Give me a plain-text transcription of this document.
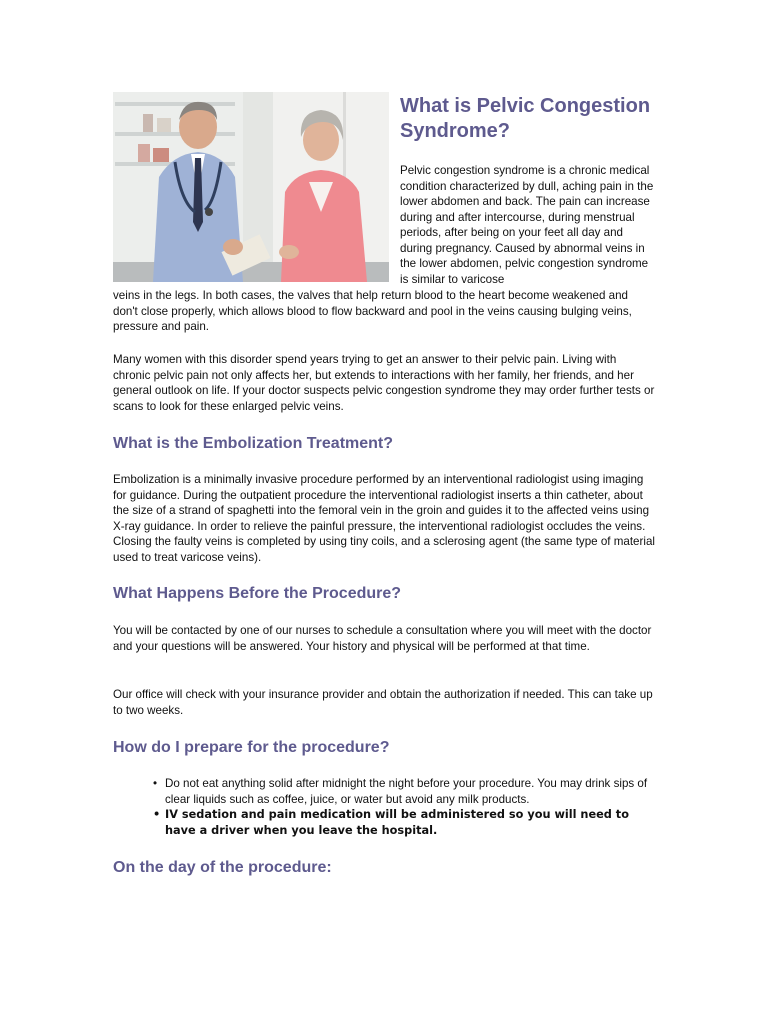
What is Pelvic Congestion Syndrome?

Pelvic congestion syndrome is a chronic medical condition characterized by dull, aching pain in the lower abdomen and back. The pain can increase during and after intercourse, during menstrual periods, after being on your feet all day and during pregnancy. Caused by abnormal veins in the lower abdomen, pelvic congestion syndrome is similar to varicose

veins in the legs. In both cases, the valves that help return blood to the heart become weakened and don't close properly, which allows blood to flow backward and pool in the veins causing bulging veins, pressure and pain.

Many women with this disorder spend years trying to get an answer to their pelvic pain. Living with chronic pelvic pain not only affects her, but extends to interactions with her family, her friends, and her general outlook on life. If your doctor suspects pelvic congestion syndrome they may order further tests or scans to look for these enlarged pelvic veins.

What is the Embolization Treatment?

Embolization is a minimally invasive procedure performed by an interventional radiologist using imaging for guidance. During the outpatient procedure the interventional radiologist inserts a thin catheter, about the size of a strand of spaghetti into the femoral vein in the groin and guides it to the affected veins using X-ray guidance. In order to relieve the painful pressure, the interventional radiologist occludes the veins. Closing the faulty veins is completed by using tiny coils, and a sclerosing agent (the same type of material used to treat varicose veins).

What Happens Before the Procedure?

You will be contacted by one of our nurses to schedule a consultation where you will meet with the doctor and your questions will be answered. Your history and physical will be performed at that time.

Our office will check with your insurance provider and obtain the authorization if needed. This can take up to two weeks.

How do I prepare for the procedure?
• Do not eat anything solid after midnight the night before your procedure. You may drink sips of clear liquids such as coffee, juice, or water but avoid any milk products.
• IV sedation and pain medication will be administered so you will need to have a driver when you leave the hospital.
On the day of the procedure:
